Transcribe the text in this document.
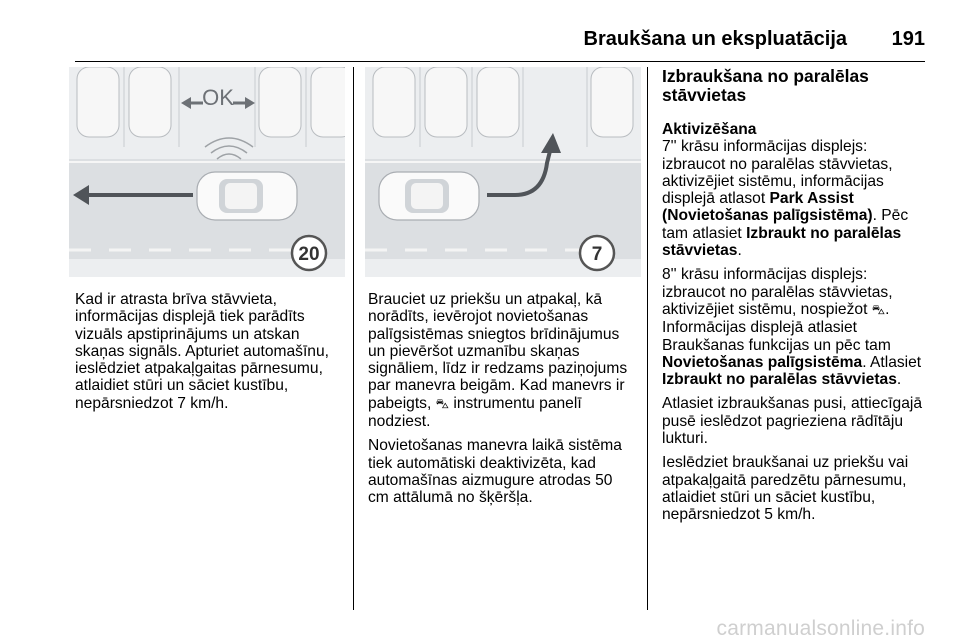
Braukšana un ekspluatācija 191
OK
20	7

Kad ir atrasta brīva stāvvieta,
informācijas displejā tiek parādīts
vizuāls apstiprinājums un atskan
skaņas signāls. Apturiet automašīnu,
ieslēdziet atpakaļgaitas pārnesumu,
atlaidiet stūri un sāciet kustību,
nepārsniedzot 7 km/h.

Brauciet uz priekšu un atpakaļ, kā
norādīts, ievērojot novietošanas
palīgsistēmas sniegtos brīdinājumus
un pievēršot uzmanību skaņas
signāliem, līdz ir redzams paziņojums
par manevra beigām. Kad manevrs ir
pabeigts, ⛍ instrumentu panelī
nodziest.

Novietošanas manevra laikā sistēma
tiek automātiski deaktivizēta, kad
automašīnas aizmugure atrodas 50
cm attālumā no šķēršļa.

Izbraukšana no paralēlas
stāvvietas
Aktivizēšana

7'' krāsu informācijas displejs:
izbraucot no paralēlas stāvvietas,
aktivizējiet sistēmu, informācijas
displejā atlasot Park Assist
(Novietošanas palīgsistēma). Pēc
tam atlasiet Izbraukt no paralēlas
stāvvietas.

8'' krāsu informācijas displejs:
izbraucot no paralēlas stāvvietas,
aktivizējiet sistēmu, nospiežot ⛍.
Informācijas displejā atlasiet
Braukšanas funkcijas un pēc tam
Novietošanas palīgsistēma. Atlasiet
Izbraukt no paralēlas stāvvietas.

Atlasiet izbraukšanas pusi, attiecīgajā
pusē ieslēdzot pagrieziena rādītāju
lukturi.

Ieslēdziet braukšanai uz priekšu vai
atpakaļgaitā paredzētu pārnesumu,
atlaidiet stūri un sāciet kustību,
nepārsniedzot 5 km/h.

carmanualsonline.info
